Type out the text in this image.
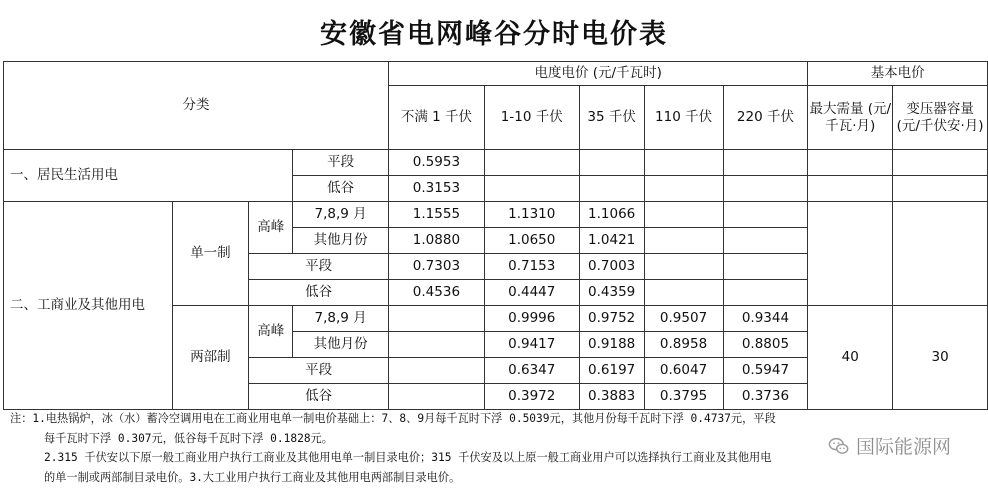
安徽省电网峰谷分时电价表
分类				电度电价 (元/千瓦时)					基本电价	
				不满 1 千伏	1-10 千伏	35 千伏	110 千伏	220 千伏	最大需量 (元/千瓦·月)	变压器容量 (元/千伏安·月)
一、居民生活用电			平段	0.5953						
			低谷	0.3153						
二、工商业及其他用电	单一制	高峰	7,8,9 月	1.1555	1.1310	1.1066				
			其他月份	1.0880	1.0650	1.0421				
		平段		0.7303	0.7153	0.7003				
		低谷		0.4536	0.4447	0.4359				
	两部制	高峰	7,8,9 月		0.9996	0.9752	0.9507	0.9344	40	30
			其他月份		0.9417	0.9188	0.8958	0.8805		
		平段			0.6347	0.6197	0.6047	0.5947		
		低谷			0.3972	0.3883	0.3795	0.3736		

注：1.电热锅炉，冰（水）蓄冷空调用电在工商业用电单一制电价基础上：7、8、9月每千瓦时下浮 0.5039元，其他月份每千瓦时下浮 0.4737元，平段

每千瓦时下浮 0.307元，低谷每千瓦时下浮 0.1828元。

2.315 千伏安以下原一般工商业用户执行工商业及其他用电单一制目录电价；315 千伏安及以上原一般工商业用户可以选择执行工商业及其他用电

的单一制或两部制目录电价。3.大工业用户执行工商业及其他用电两部制目录电价。

国际能源网
